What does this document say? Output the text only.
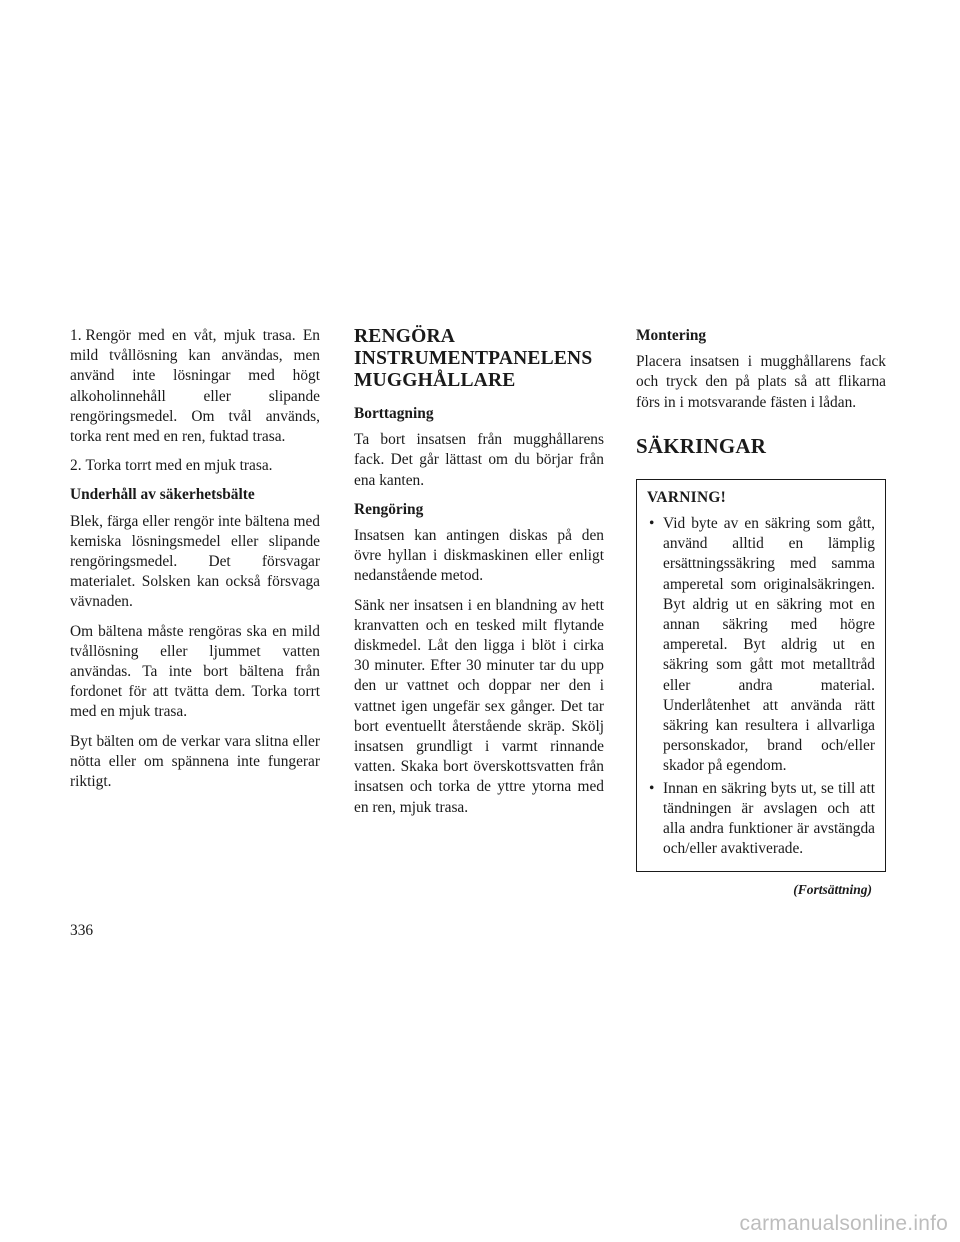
1. Rengör med en våt, mjuk trasa. En mild tvållösning kan användas, men använd inte lösningar med högt alkoholinnehåll eller slipande rengöringsmedel. Om tvål används, torka rent med en ren, fuktad trasa.

2. Torka torrt med en mjuk trasa.

Underhåll av säkerhetsbälte

Blek, färga eller rengör inte bältena med kemiska lösningsmedel eller slipande rengöringsmedel. Det försvagar materialet. Solsken kan också försvaga vävnaden.

Om bältena måste rengöras ska en mild tvållösning eller ljummet vatten användas. Ta inte bort bältena från fordonet för att tvätta dem. Torka torrt med en mjuk trasa.

Byt bälten om de verkar vara slitna eller nötta eller om spännena inte fungerar riktigt.

RENGÖRA INSTRUMENTPANELENS MUGGHÅLLARE

Borttagning

Ta bort insatsen från mugghållarens fack. Det går lättast om du börjar från ena kanten.

Rengöring

Insatsen kan antingen diskas på den övre hyllan i diskmaskinen eller enligt nedanstående metod.

Sänk ner insatsen i en blandning av hett kranvatten och en tesked milt flytande diskmedel. Låt den ligga i blöt i cirka 30 minuter. Efter 30 minuter tar du upp den ur vattnet och doppar ner den i vattnet igen ungefär sex gånger. Det tar bort eventuellt återstående skräp. Skölj insatsen grundligt i varmt rinnande vatten. Skaka bort överskottsvatten från insatsen och torka de yttre ytorna med en ren, mjuk trasa.

Montering

Placera insatsen i mugghållarens fack och tryck den på plats så att flikarna förs in i motsvarande fästen i lådan.

SÄKRINGAR
VARNING!
• Vid byte av en säkring som gått, använd alltid en lämplig ersättningssäkring med samma amperetal som originalsäkringen. Byt aldrig ut en säkring mot en annan säkring med högre amperetal. Byt aldrig ut en säkring som gått mot metalltråd eller andra material. Underlåtenhet att använda rätt säkring kan resultera i allvarliga personskador, brand och/eller skador på egendom.
• Innan en säkring byts ut, se till att tändningen är avslagen och att alla andra funktioner är avstängda och/eller avaktiverade.
(Fortsättning)
336
carmanualsonline.info
